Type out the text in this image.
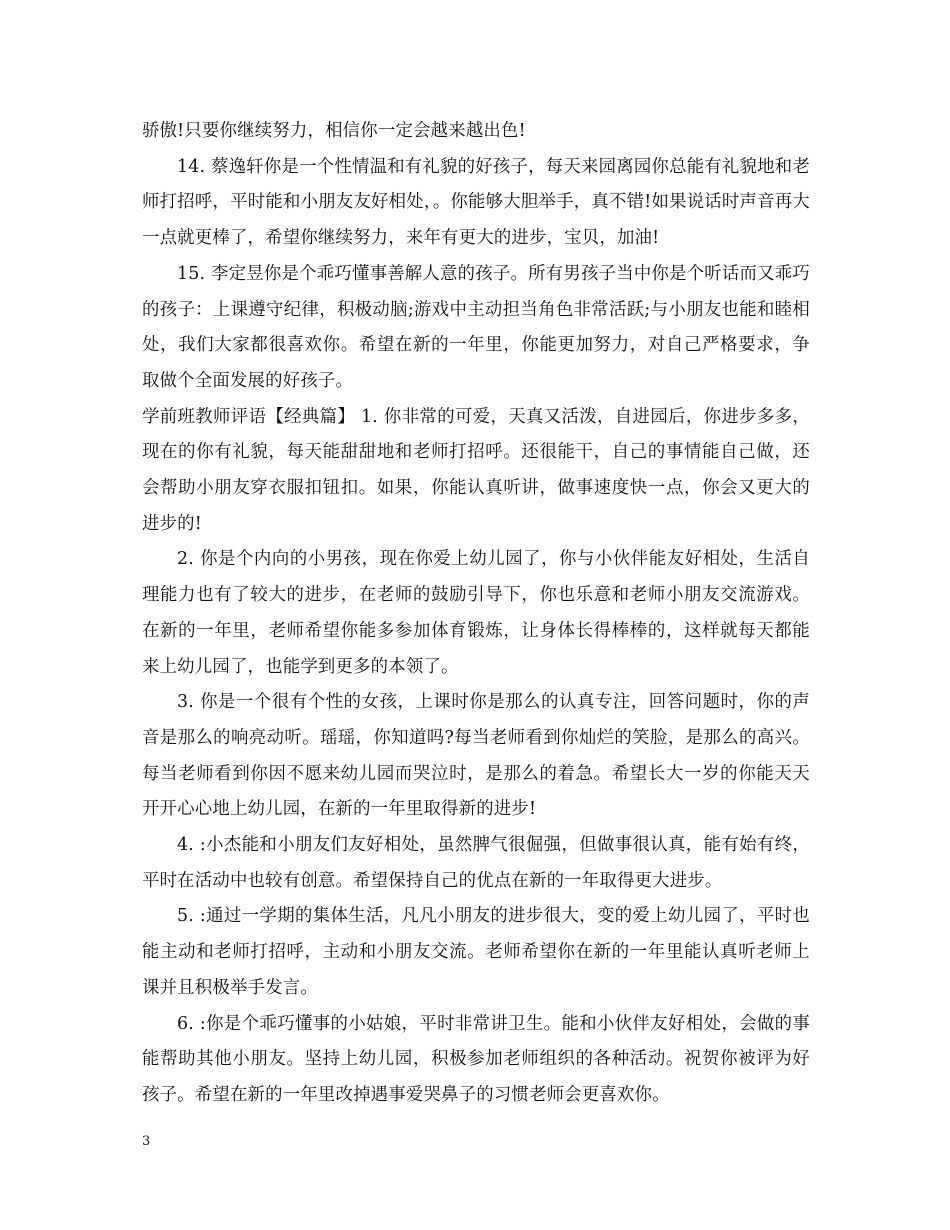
骄傲!只要你继续努力，相信你一定会越来越出色!

14. 蔡逸轩你是一个性情温和有礼貌的好孩子，每天来园离园你总能有礼貌地和老师打招呼，平时能和小朋友友好相处，。你能够大胆举手，真不错!如果说话时声音再大一点就更棒了，希望你继续努力，来年有更大的进步，宝贝，加油!

15. 李定昱你是个乖巧懂事善解人意的孩子。所有男孩子当中你是个听话而又乖巧的孩子：上课遵守纪律，积极动脑;游戏中主动担当角色非常活跃;与小朋友也能和睦相处，我们大家都很喜欢你。希望在新的一年里，你能更加努力，对自己严格要求，争取做个全面发展的好孩子。

学前班教师评语【经典篇】 1. 你非常的可爱，天真又活泼，自进园后，你进步多多，现在的你有礼貌，每天能甜甜地和老师打招呼。还很能干，自己的事情能自己做，还会帮助小朋友穿衣服扣钮扣。如果，你能认真听讲，做事速度快一点，你会又更大的进步的!

2. 你是个内向的小男孩，现在你爱上幼儿园了，你与小伙伴能友好相处，生活自理能力也有了较大的进步，在老师的鼓励引导下，你也乐意和老师小朋友交流游戏。在新的一年里，老师希望你能多参加体育锻炼，让身体长得棒棒的，这样就每天都能来上幼儿园了，也能学到更多的本领了。

3. 你是一个很有个性的女孩，上课时你是那么的认真专注，回答问题时，你的声音是那么的响亮动听。瑶瑶，你知道吗?每当老师看到你灿烂的笑脸，是那么的高兴。每当老师看到你因不愿来幼儿园而哭泣时，是那么的着急。希望长大一岁的你能天天开开心心地上幼儿园，在新的一年里取得新的进步!

4. :小杰能和小朋友们友好相处，虽然脾气很倔强，但做事很认真，能有始有终，平时在活动中也较有创意。希望保持自己的优点在新的一年取得更大进步。

5. :通过一学期的集体生活，凡凡小朋友的进步很大，变的爱上幼儿园了，平时也能主动和老师打招呼，主动和小朋友交流。老师希望你在新的一年里能认真听老师上课并且积极举手发言。

6. :你是个乖巧懂事的小姑娘，平时非常讲卫生。能和小伙伴友好相处，会做的事能帮助其他小朋友。坚持上幼儿园，积极参加老师组织的各种活动。祝贺你被评为好孩子。希望在新的一年里改掉遇事爱哭鼻子的习惯老师会更喜欢你。

3
